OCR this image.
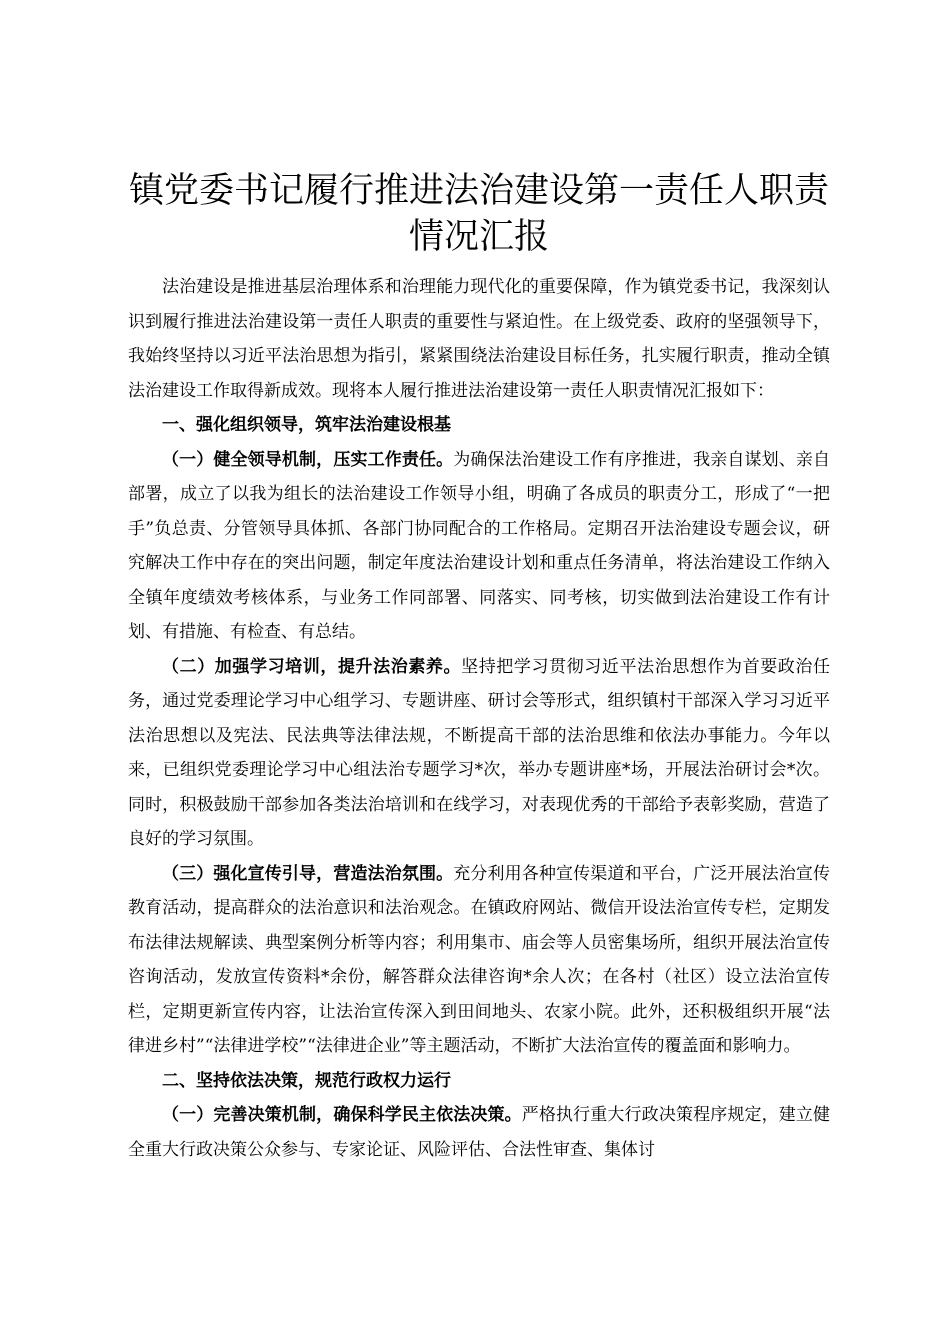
镇党委书记履行推进法治建设第一责任人职责
情况汇报

法治建设是推进基层治理体系和治理能力现代化的重要保障，作为镇党委书记，我深刻认识到履行推进法治建设第一责任人职责的重要性与紧迫性。在上级党委、政府的坚强领导下，我始终坚持以习近平法治思想为指引，紧紧围绕法治建设目标任务，扎实履行职责，推动全镇法治建设工作取得新成效。现将本人履行推进法治建设第一责任人职责情况汇报如下：

一、强化组织领导，筑牢法治建设根基

（一）健全领导机制，压实工作责任。为确保法治建设工作有序推进，我亲自谋划、亲自部署，成立了以我为组长的法治建设工作领导小组，明确了各成员的职责分工，形成了“一把手”负总责、分管领导具体抓、各部门协同配合的工作格局。定期召开法治建设专题会议，研究解决工作中存在的突出问题，制定年度法治建设计划和重点任务清单，将法治建设工作纳入全镇年度绩效考核体系，与业务工作同部署、同落实、同考核，切实做到法治建设工作有计划、有措施、有检查、有总结。

（二）加强学习培训，提升法治素养。坚持把学习贯彻习近平法治思想作为首要政治任务，通过党委理论学习中心组学习、专题讲座、研讨会等形式，组织镇村干部深入学习习近平法治思想以及宪法、民法典等法律法规，不断提高干部的法治思维和依法办事能力。今年以来，已组织党委理论学习中心组法治专题学习*次，举办专题讲座*场，开展法治研讨会*次。同时，积极鼓励干部参加各类法治培训和在线学习，对表现优秀的干部给予表彰奖励，营造了良好的学习氛围。

（三）强化宣传引导，营造法治氛围。充分利用各种宣传渠道和平台，广泛开展法治宣传教育活动，提高群众的法治意识和法治观念。在镇政府网站、微信开设法治宣传专栏，定期发布法律法规解读、典型案例分析等内容；利用集市、庙会等人员密集场所，组织开展法治宣传咨询活动，发放宣传资料*余份，解答群众法律咨询*余人次；在各村（社区）设立法治宣传栏，定期更新宣传内容，让法治宣传深入到田间地头、农家小院。此外，还积极组织开展“法律进乡村”“法律进学校”“法律进企业”等主题活动，不断扩大法治宣传的覆盖面和影响力。

二、坚持依法决策，规范行政权力运行

（一）完善决策机制，确保科学民主依法决策。严格执行重大行政决策程序规定，建立健全重大行政决策公众参与、专家论证、风险评估、合法性审查、集体讨
